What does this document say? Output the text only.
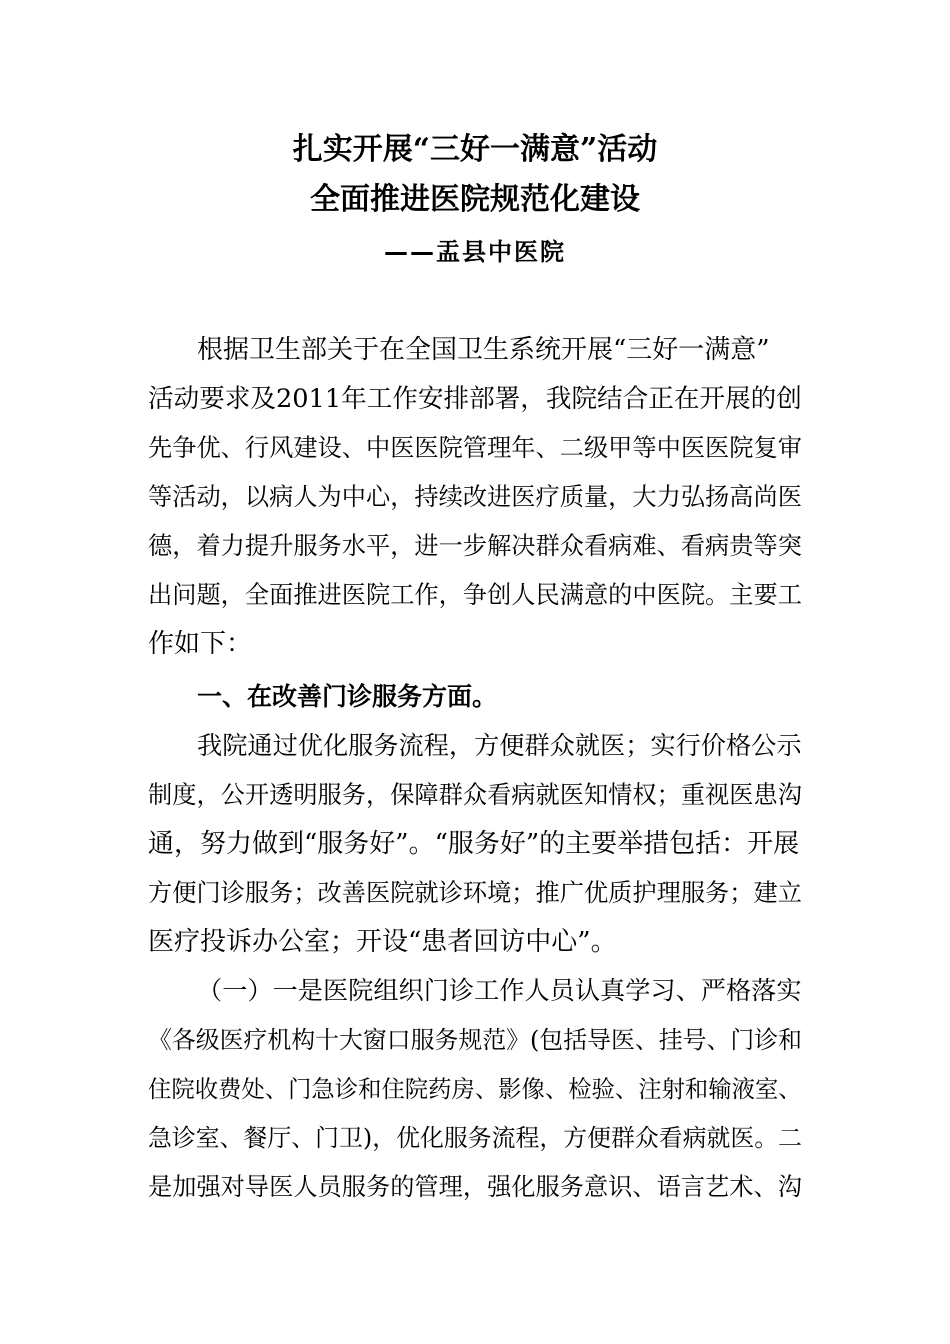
扎实开展“三好一满意”活动
全面推进医院规范化建设
——盂县中医院
根据卫生部关于在全国卫生系统开展“三好一满意”
活动要求及2011年工作安排部署，我院结合正在开展的创
先争优、行风建设、中医医院管理年、二级甲等中医医院复审
等活动，以病人为中心，持续改进医疗质量，大力弘扬高尚医
德，着力提升服务水平，进一步解决群众看病难、看病贵等突
出问题，全面推进医院工作，争创人民满意的中医院。主要工
作如下：
一、在改善门诊服务方面。
我院通过优化服务流程，方便群众就医；实行价格公示
制度，公开透明服务，保障群众看病就医知情权；重视医患沟
通，努力做到“服务好”。“服务好”的主要举措包括：开展
方便门诊服务；改善医院就诊环境；推广优质护理服务；建立
医疗投诉办公室；开设“患者回访中心”。
（一）一是医院组织门诊工作人员认真学习、严格落实
《各级医疗机构十大窗口服务规范》(包括导医、挂号、门诊和
住院收费处、门急诊和住院药房、影像、检验、注射和输液室、
急诊室、餐厅、门卫)，优化服务流程，方便群众看病就医。二
是加强对导医人员服务的管理，强化服务意识、语言艺术、沟
